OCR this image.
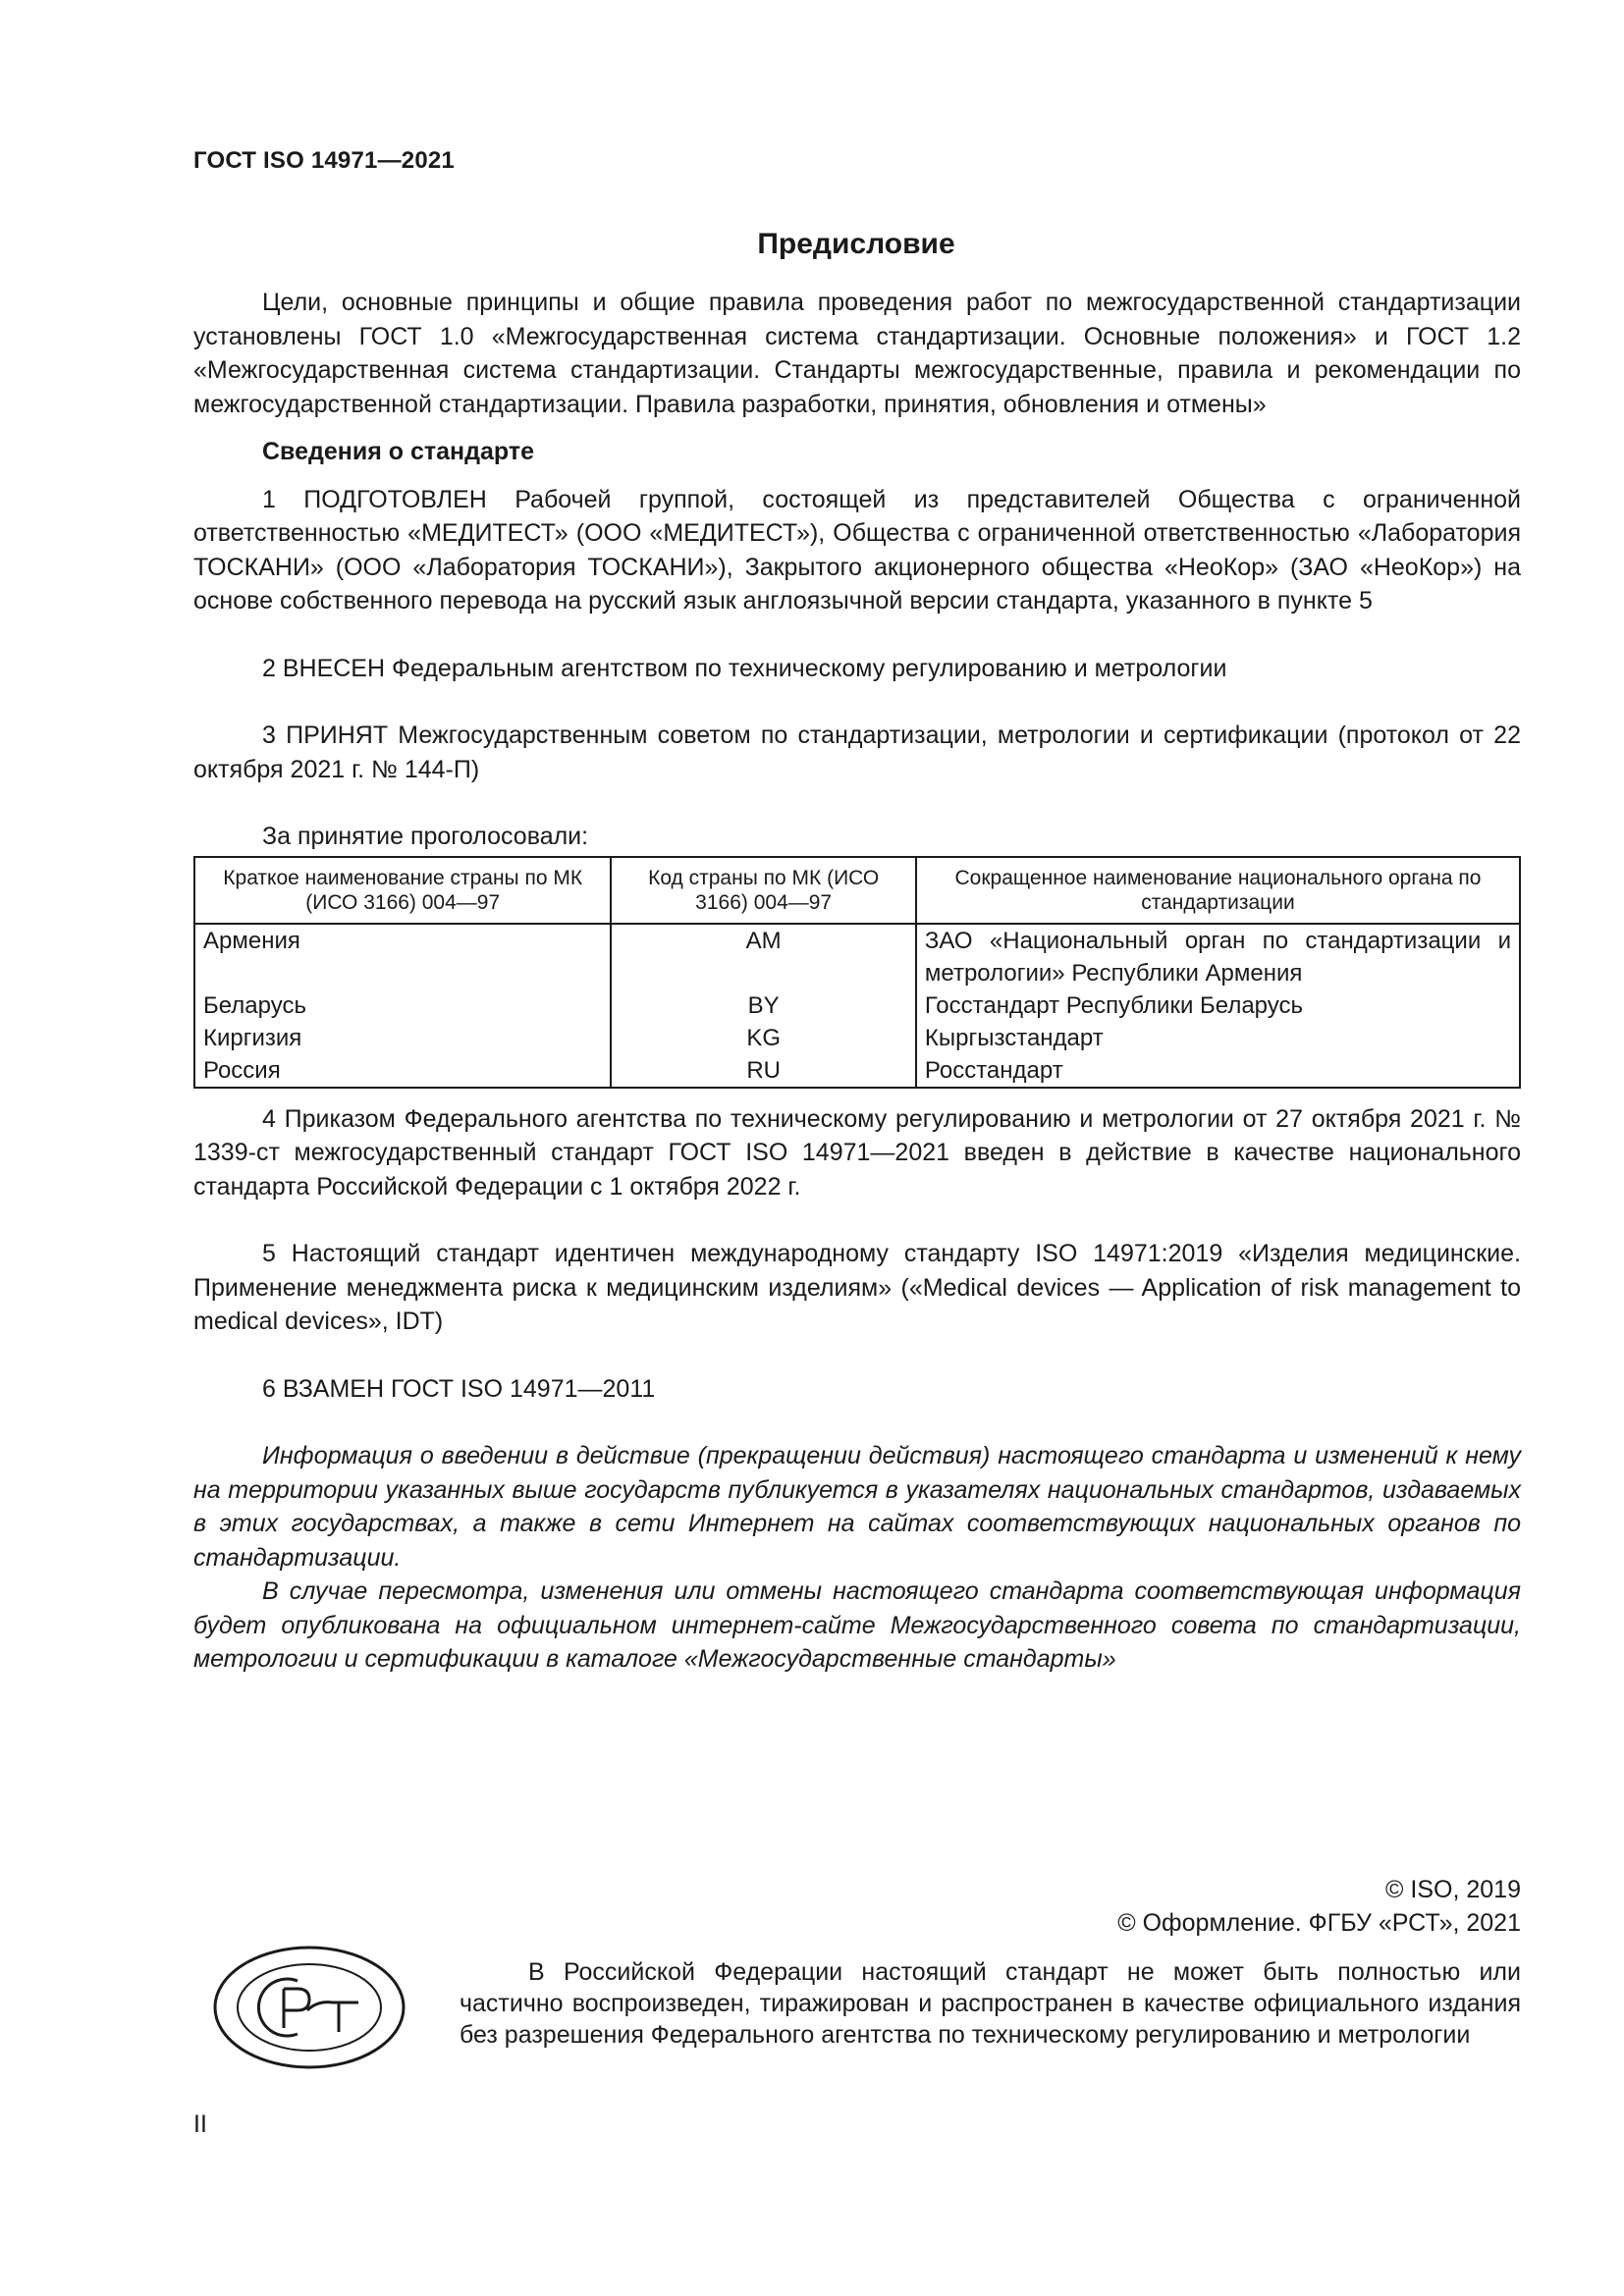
ГОСТ ISO 14971—2021
Предисловие

Цели, основные принципы и общие правила проведения работ по межгосударственной стандартизации установлены ГОСТ 1.0 «Межгосударственная система стандартизации. Основные положения» и ГОСТ 1.2 «Межгосударственная система стандартизации. Стандарты межгосударственные, правила и рекомендации по межгосударственной стандартизации. Правила разработки, принятия, обновления и отмены»

Сведения о стандарте

1 ПОДГОТОВЛЕН Рабочей группой, состоящей из представителей Общества с ограниченной ответственностью «МЕДИТЕСТ» (ООО «МЕДИТЕСТ»), Общества с ограниченной ответственностью «Лаборатория ТОСКАНИ» (ООО «Лаборатория ТОСКАНИ»), Закрытого акционерного общества «НеоКор» (ЗАО «НеоКор») на основе собственного перевода на русский язык англоязычной версии стандарта, указанного в пункте 5

2 ВНЕСЕН Федеральным агентством по техническому регулированию и метрологии

3 ПРИНЯТ Межгосударственным советом по стандартизации, метрологии и сертификации (протокол от 22 октября 2021 г. № 144-П)

За принятие проголосовали:

Краткое наименование страны по МК (ИСО 3166) 004—97	Код страны по МК (ИСО 3166) 004—97	Сокращенное наименование национального органа по стандартизации
Армения	AM	ЗАО «Национальный орган по стандартизации и метрологии» Республики Армения
Беларусь	BY	Госстандарт Республики Беларусь
Киргизия	KG	Кыргызстандарт
Россия	RU	Росстандарт

4 Приказом Федерального агентства по техническому регулированию и метрологии от 27 октября 2021 г. № 1339-ст межгосударственный стандарт ГОСТ ISO 14971—2021 введен в действие в качестве национального стандарта Российской Федерации с 1 октября 2022 г.

5 Настоящий стандарт идентичен международному стандарту ISO 14971:2019 «Изделия медицинские. Применение менеджмента риска к медицинским изделиям» («Medical devices — Application of risk management to medical devices», IDT)

6 ВЗАМЕН ГОСТ ISO 14971—2011

Информация о введении в действие (прекращении действия) настоящего стандарта и изменений к нему на территории указанных выше государств публикуется в указателях национальных стандартов, издаваемых в этих государствах, а также в сети Интернет на сайтах соответствующих национальных органов по стандартизации.

В случае пересмотра, изменения или отмены настоящего стандарта соответствующая информация будет опубликована на официальном интернет-сайте Межгосударственного совета по стандартизации, метрологии и сертификации в каталоге «Межгосударственные стандарты»

© ISO, 2019
© Оформление. ФГБУ «РСТ», 2021

В Российской Федерации настоящий стандарт не может быть полностью или частично воспроизведен, тиражирован и распространен в качестве официального издания без разрешения Федерального агентства по техническому регулированию и метрологии

II
